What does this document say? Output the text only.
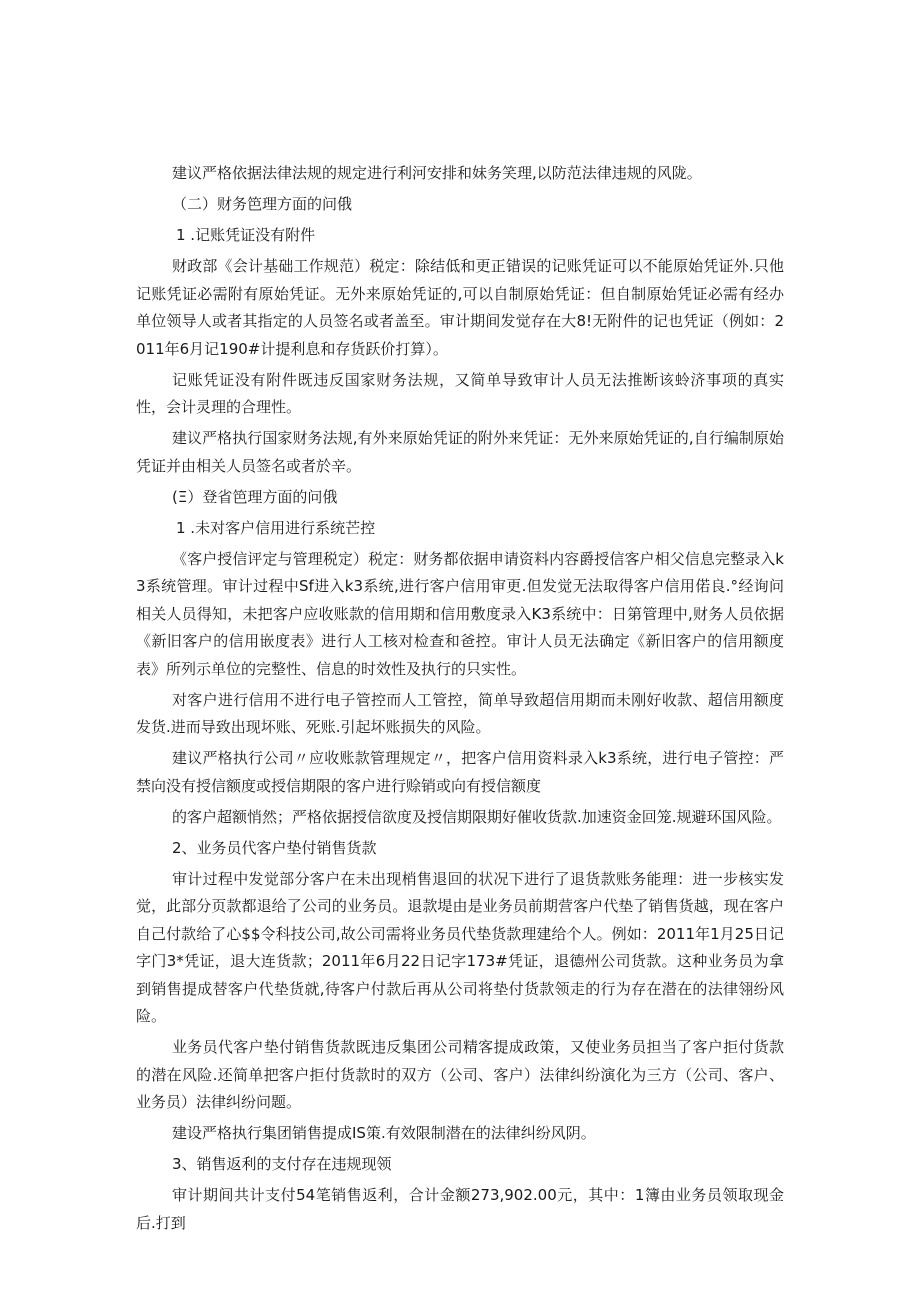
建议严格依据法律法规的规定进行利河安排和妹务笑理,以防范法律违规的风陇。

（二）财务笆理方面的问俄

1 .记账凭证没有附件

财政部《会计基础工作规范）税定：除结低和更正错误的记账凭证可以不能原始凭证外.只他记账凭证必需附有原始凭证。无外来原始凭证的,可以自制原始凭证：但自制原始凭证必需有经办单位领导人或者其指定的人员签名或者盖至。审计期间发觉存在大8!无附件的记也凭证（例如：2011年6月记190#计提利息和存货跃价打算）。

记账凭证没有附件既违反国家财务法规，又简单导致审计人员无法推断该蛉济事项的真实性，会计灵理的合理性。

建议严格执行国家财务法规,有外来原始凭证的附外来凭证：无外来原始凭证的,自行编制原始凭证并由相关人员签名或者於辛。

(Ξ）登省笆理方面的问俄

1 .未对客户信用进行系统芒控

《客户授信评定与管理税定）税定：财务都依据申请资料内容爵授信客户相父信息完整录入k3系统管理。审计过程中Sf进入k3系统,进行客户信用审更.但发觉无法取得客户信用偌良.°经询问相关人员得知，未把客户应收账款的信用期和信用敷度录入K3系统中：日第管理中,财务人员依据《新旧客户的信用嵌度表》进行人工核对检查和爸控。审计人员无法确定《新旧客户的信用额度表》所列示单位的完整性、信息的时效性及执行的只实性。

对客户进行信用不进行电子管控而人工管控，简单导致超信用期而未刚好收款、超信用额度发货.进而导致出现坏账、死账.引起坏账损失的风险。

建议严格执行公司〃应收账款管理规定〃，把客户信用资料录入k3系统，进行电子管控：严禁向没有授信额度或授信期限的客户进行赊销或向有授信额度

的客户超额悄然；严格依据授信欲度及授信期限期好催收货款.加速资金回笼.规避环国风险。

2、业务员代客户垫付销售货款

审计过程中发觉部分客户在未出现梢售退回的状况下进行了退货款账务能理：进一步核实发觉，此部分页款都退给了公司的业务员。退款堤由是业务员前期营客户代垫了销售货越，现在客户自己付款给了心$$令科技公司,故公司需将业务员代垫货款理建给个人。例如：2011年1月25日记字门3*凭证，退大连货款；2011年6月22日记字173#凭证，退德州公司货款。这种业务员为拿到销售提成替客户代垫货就,待客户付款后再从公司将垫付货款领走的行为存在潜在的法律翎纷风险。

业务员代客户垫付销售货款既违反集团公司精客提成政策，又使业务员担当了客户拒付货款的潜在风险.还简单把客户拒付货款时的双方（公司、客户）法律纠纷演化为三方（公司、客户、业务员）法律纠纷问题。

建设严格执行集团销售提成IS策.有效限制潜在的法律纠纷风阴。

3、销售返利的支付存在违规现领

审计期间共计支付54笔销售返利，合计金额273,902.00元，其中：1簿由业务员领取现金后.打到
